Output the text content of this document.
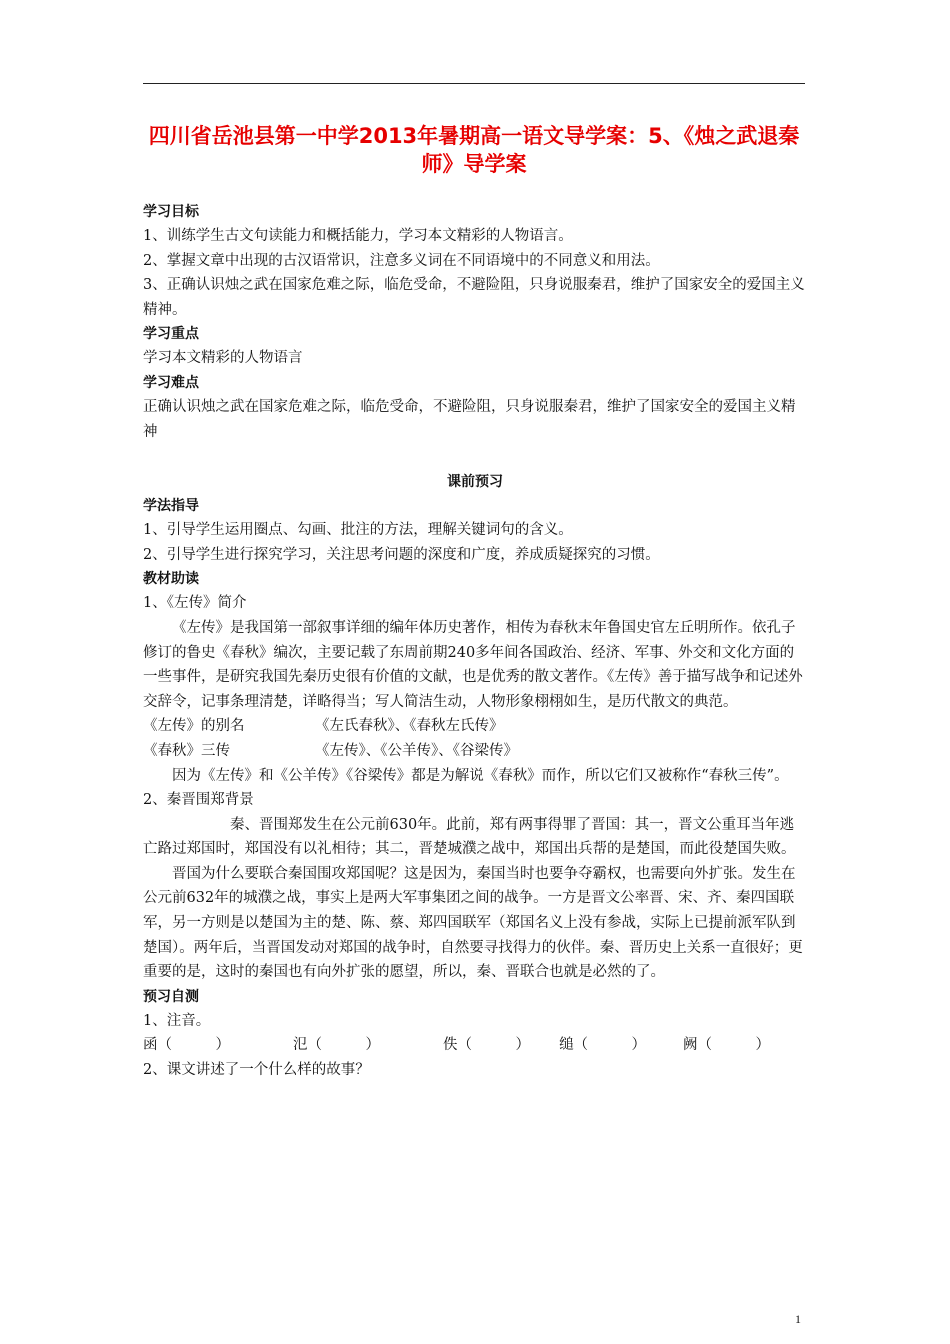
四川省岳池县第一中学2013年暑期高一语文导学案：5、《烛之武退秦师》导学案
学习目标
1、训练学生古文句读能力和概括能力，学习本文精彩的人物语言。
2、掌握文章中出现的古汉语常识，注意多义词在不同语境中的不同意义和用法。
3、正确认识烛之武在国家危难之际，临危受命，不避险阻，只身说服秦君，维护了国家安全的爱国主义精神。
学习重点
学习本文精彩的人物语言
学习难点
正确认识烛之武在国家危难之际，临危受命，不避险阻，只身说服秦君，维护了国家安全的爱国主义精神
课前预习
学法指导
1、引导学生运用圈点、勾画、批注的方法，理解关键词句的含义。
2、引导学生进行探究学习，关注思考问题的深度和广度，养成质疑探究的习惯。
教材助读
1、《左传》简介
《左传》是我国第一部叙事详细的编年体历史著作，相传为春秋末年鲁国史官左丘明所作。依孔子修订的鲁史《春秋》编次，主要记载了东周前期240多年间各国政治、经济、军事、外交和文化方面的一些事件，是研究我国先秦历史很有价值的文献，也是优秀的散文著作。《左传》善于描写战争和记述外交辞令，记事条理清楚，详略得当；写人简洁生动，人物形象栩栩如生，是历代散文的典范。
《左传》的别名	《左氏春秋》、《春秋左氏传》
《春秋》三传	《左传》、《公羊传》、《谷梁传》
因为《左传》和《公羊传》《谷梁传》都是为解说《春秋》而作，所以它们又被称作“春秋三传”。
2、秦晋围郑背景
秦、晋围郑发生在公元前630年。此前，郑有两事得罪了晋国：其一，晋文公重耳当年逃亡路过郑国时，郑国没有以礼相待；其二，晋楚城濮之战中，郑国出兵帮的是楚国，而此役楚国失败。
晋国为什么要联合秦国围攻郑国呢？这是因为，秦国当时也要争夺霸权，也需要向外扩张。发生在公元前632年的城濮之战，事实上是两大军事集团之间的战争。一方是晋文公率晋、宋、齐、秦四国联军，另一方则是以楚国为主的楚、陈、蔡、郑四国联军（郑国名义上没有参战，实际上已提前派军队到楚国）。两年后，当晋国发动对郑国的战争时，自然要寻找得力的伙伴。秦、晋历史上关系一直很好；更重要的是，这时的秦国也有向外扩张的愿望，所以，秦、晋联合也就是必然的了。
预习自测
1、注音。
函（　　　）	氾（　　　）	佚（　　　）	缒（　　　）	阙（　　　）
2、课文讲述了一个什么样的故事？
1
